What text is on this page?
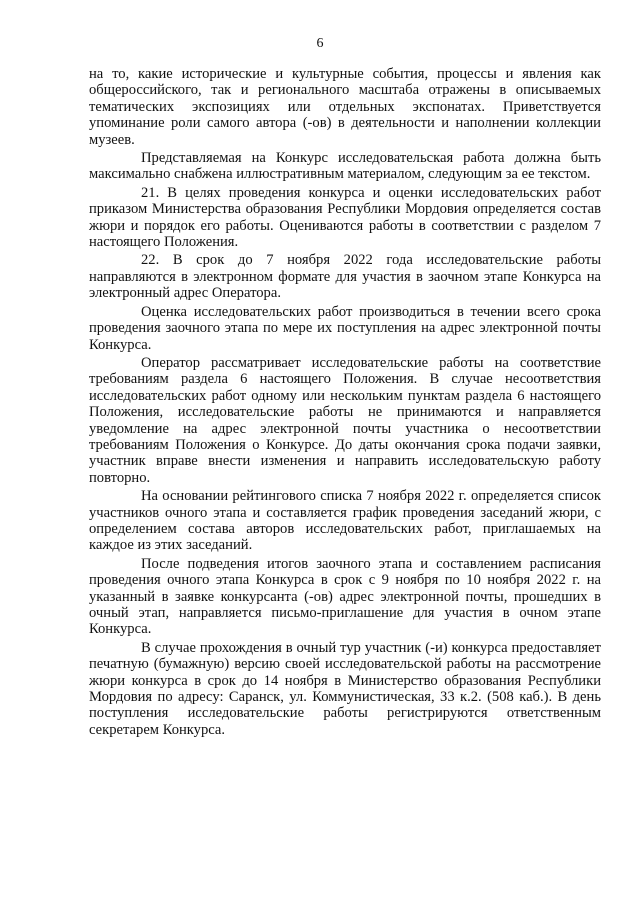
6

на то, какие исторические и культурные события, процессы и явления как общероссийского, так и регионального масштаба отражены в описываемых тематических экспозициях или отдельных экспонатах. Приветствуется упоминание роли самого автора (-ов) в деятельности и наполнении коллекции музеев.

Представляемая на Конкурс исследовательская работа должна быть максимально снабжена иллюстративным материалом, следующим за ее текстом.

21. В целях проведения конкурса и оценки исследовательских работ приказом Министерства образования Республики Мордовия определяется состав жюри и порядок его работы. Оцениваются работы в соответствии с разделом 7 настоящего Положения.

22. В срок до 7 ноября 2022 года исследовательские работы направляются в электронном формате для участия в заочном этапе Конкурса на электронный адрес Оператора.

Оценка исследовательских работ производиться в течении всего срока проведения заочного этапа по мере их поступления на адрес электронной почты Конкурса.

Оператор рассматривает исследовательские работы на соответствие требованиям раздела 6 настоящего Положения. В случае несоответствия исследовательских работ одному или нескольким пунктам раздела 6 настоящего Положения, исследовательские работы не принимаются и направляется уведомление на адрес электронной почты участника о несоответствии требованиям Положения о Конкурсе. До даты окончания срока подачи заявки, участник вправе внести изменения и направить исследовательскую работу повторно.

На основании рейтингового списка 7 ноября 2022 г. определяется список участников очного этапа и составляется график проведения заседаний жюри, с определением состава авторов исследовательских работ, приглашаемых на каждое из этих заседаний.

После подведения итогов заочного этапа и составлением расписания проведения очного этапа Конкурса в срок с 9 ноября по 10 ноября 2022 г. на указанный в заявке конкурсанта (-ов) адрес электронной почты, прошедших в очный этап, направляется письмо-приглашение для участия в очном этапе Конкурса.

В случае прохождения в очный тур участник (-и) конкурса предоставляет печатную (бумажную) версию своей исследовательской работы на рассмотрение жюри конкурса в срок до 14 ноября в Министерство образования Республики Мордовия по адресу: Саранск, ул. Коммунистическая, 33 к.2. (508 каб.). В день поступления исследовательские работы регистрируются ответственным секретарем Конкурса.
